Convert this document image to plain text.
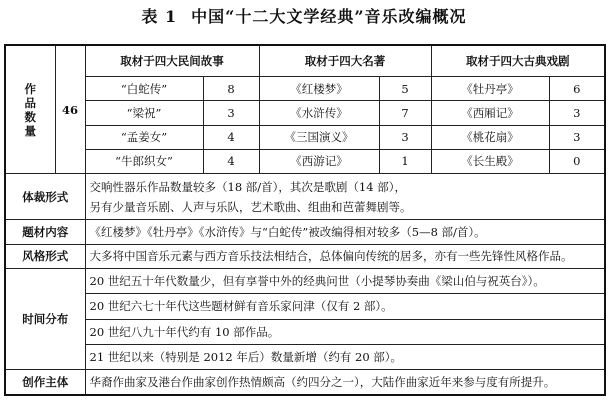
表 1 中国“十二大文学经典”音乐改编概况
作
品
数
量	46	取材于四大民间故事		取材于四大名著		取材于四大古典戏剧	
		“白蛇传”	8	《红楼梦》	5	《牡丹亭》	6
		“梁祝”	3	《水浒传》	7	《西厢记》	3
		“孟姜女”	4	《三国演义》	3	《桃花扇》	3
		“牛郎织女”	4	《西游记》	1	《长生殿》	0
体裁形式		交响性器乐作品数量较多（18 部/首），其次是歌剧（14 部），
另有少量音乐剧、人声与乐队，艺术歌曲、组曲和芭蕾舞剧等。					

题材内容		《红楼梦》《牡丹亭》《水浒传》与“白蛇传”被改编得相对较多（5—8 部/首）。					
风格形式		大多将中国音乐元素与西方音乐技法相结合，总体偏向传统的居多，亦有一些先锋性风格作品。					
时间分布		20 世纪五十年代数量少，但有享誉中外的经典问世（小提琴协奏曲《梁山伯与祝英台》）。					
		20 世纪六七十年代这些题材鲜有音乐家问津（仅有 2 部）。					
		20 世纪八九十年代约有 10 部作品。					
		21 世纪以来（特别是 2012 年后）数量新增（约有 20 部）。					
创作主体		华裔作曲家及港台作曲家创作热情颇高（约四分之一），大陆作曲家近年来参与度有所提升。					
